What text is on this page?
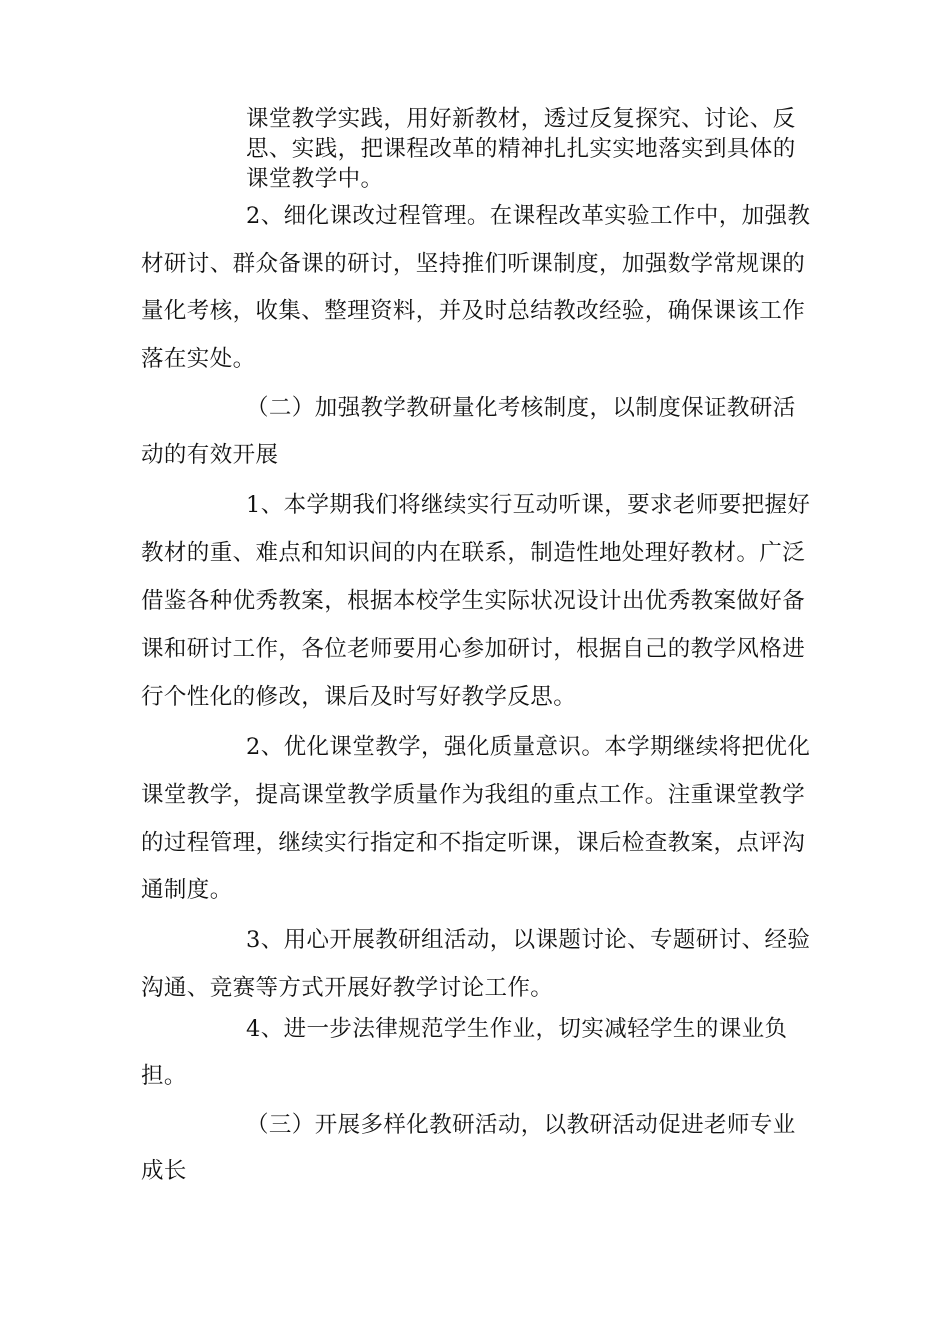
课堂教学实践，用好新教材，透过反复探究、讨论、反
思、实践，把课程改革的精神扎扎实实地落实到具体的
课堂教学中。
2、细化课改过程管理。在课程改革实验工作中，加强教
材研讨、群众备课的研讨，坚持推们听课制度，加强数学常规课的
量化考核，收集、整理资料，并及时总结教改经验，确保课该工作
落在实处。
（二）加强教学教研量化考核制度，以制度保证教研活
动的有效开展
1、本学期我们将继续实行互动听课，要求老师要把握好
教材的重、难点和知识间的内在联系，制造性地处理好教材。广泛
借鉴各种优秀教案，根据本校学生实际状况设计出优秀教案做好备
课和研讨工作，各位老师要用心参加研讨，根据自己的教学风格进
行个性化的修改，课后及时写好教学反思。
2、优化课堂教学，强化质量意识。本学期继续将把优化
课堂教学，提高课堂教学质量作为我组的重点工作。注重课堂教学
的过程管理，继续实行指定和不指定听课，课后检查教案，点评沟
通制度。
3、用心开展教研组活动，以课题讨论、专题研讨、经验
沟通、竞赛等方式开展好教学讨论工作。
4、进一步法律规范学生作业，切实减轻学生的课业负
担。
（三）开展多样化教研活动，以教研活动促进老师专业
成长
